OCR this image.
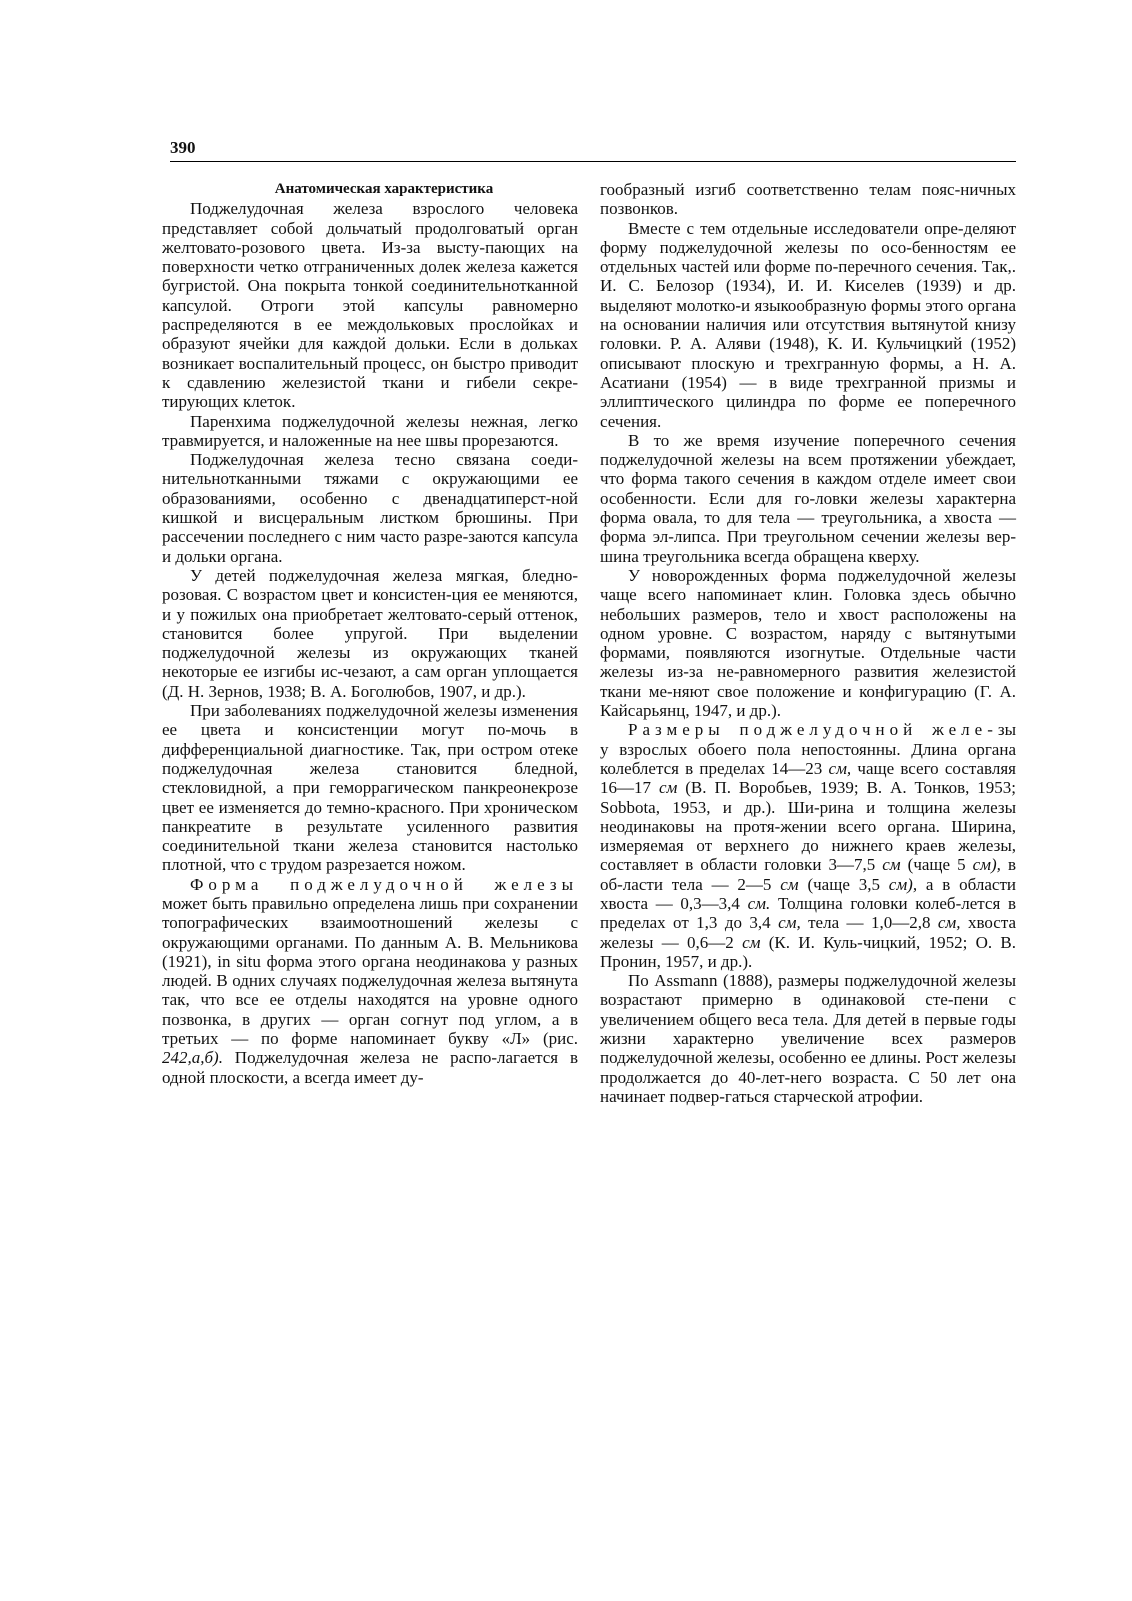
390

Анатомическая характеристика

Поджелудочная железа взрослого человека представляет собой дольчатый продолговатый орган желтовато-розового цвета. Из-за высту-пающих на поверхности четко отграниченных долек железа кажется бугристой. Она покрыта тонкой соединительнотканной капсулой. Отроги этой капсулы равномерно распределяются в ее междольковых прослойках и образуют ячейки для каждой дольки. Если в дольках возникает воспалительный процесс, он быстро приводит к сдавлению железистой ткани и гибели секре-тирующих клеток.

Паренхима поджелудочной железы нежная, легко травмируется, и наложенные на нее швы прорезаются.

Поджелудочная железа тесно связана соеди-нительнотканными тяжами с окружающими ее образованиями, особенно с двенадцатиперст-ной кишкой и висцеральным листком брюшины. При рассечении последнего с ним часто разре-заются капсула и дольки органа.

У детей поджелудочная железа мягкая, бледно-розовая. С возрастом цвет и консистен-ция ее меняются, и у пожилых она приобретает желтовато-серый оттенок, становится более упругой. При выделении поджелудочной железы из окружающих тканей некоторые ее изгибы ис-чезают, а сам орган уплощается (Д. Н. Зернов, 1938; В. А. Боголюбов, 1907, и др.).

При заболеваниях поджелудочной железы изменения ее цвета и консистенции могут по-мочь в дифференциальной диагностике. Так, при остром отеке поджелудочная железа становится бледной, стекловидной, а при геморрагическом панкреонекрозе цвет ее изменяется до темно-красного. При хроническом панкреатите в результате усиленного развития соединительной ткани железа становится настолько плотной, что с трудом разрезается ножом.

Форма поджелудочной железы может быть правильно определена лишь при сохранении топографических взаимоотношений железы с окружающими органами. По данным А. В. Мельникова (1921), in situ форма этого органа неодинакова у разных людей. В одних случаях поджелудочная железа вытянута так, что все ее отделы находятся на уровне одного позвонка, в других — орган согнут под углом, а в третьих — по форме напоминает букву «Л» (рис. 242,а,б). Поджелудочная железа не распо-лагается в одной плоскости, а всегда имеет ду-

гообразный изгиб соответственно телам пояс-ничных позвонков.

Вместе с тем отдельные исследователи опре-деляют форму поджелудочной железы по осо-бенностям ее отдельных частей или форме по-перечного сечения. Так,. И. С. Белозор (1934), И. И. Киселев (1939) и др. выделяют молотко-и языкообразную формы этого органа на основании наличия или отсутствия вытянутой книзу головки. Р. А. Аляви (1948), К. И. Кульчицкий (1952) описывают плоскую и трехгранную формы, а Н. А. Асатиани (1954) — в виде трехгранной призмы и эллиптического цилиндра по форме ее поперечного сечения.

В то же время изучение поперечного сечения поджелудочной железы на всем протяжении убеждает, что форма такого сечения в каждом отделе имеет свои особенности. Если для го-ловки железы характерна форма овала, то для тела — треугольника, а хвоста — форма эл-липса. При треугольном сечении железы вер-шина треугольника всегда обращена кверху.

У новорожденных форма поджелудочной железы чаще всего напоминает клин. Головка здесь обычно небольших размеров, тело и хвост расположены на одном уровне. С возрастом, наряду с вытянутыми формами, появляются изогнутые. Отдельные части железы из-за не-равномерного развития железистой ткани ме-няют свое положение и конфигурацию (Г. А. Кайсарьянц, 1947, и др.).

Размеры поджелудочной желе-зы у взрослых обоего пола непостоянны. Длина органа колеблется в пределах 14—23 см, чаще всего составляя 16—17 см (В. П. Воробьев, 1939; В. А. Тонков, 1953; Sobbota, 1953, и др.). Ши-рина и толщина железы неодинаковы на протя-жении всего органа. Ширина, измеряемая от верхнего до нижнего краев железы, составляет в области головки 3—7,5 см (чаще 5 см), в об-ласти тела — 2—5 см (чаще 3,5 см), а в области хвоста — 0,3—3,4 см. Толщина головки колеб-лется в пределах от 1,3 до 3,4 см, тела — 1,0—2,8 см, хвоста железы — 0,6—2 см (К. И. Куль-чицкий, 1952; О. В. Пронин, 1957, и др.).

По Assmann (1888), размеры поджелудочной железы возрастают примерно в одинаковой сте-пени с увеличением общего веса тела. Для детей в первые годы жизни характерно увеличение всех размеров поджелудочной железы, особенно ее длины. Рост железы продолжается до 40-лет-него возраста. С 50 лет она начинает подвер-гаться старческой атрофии.
